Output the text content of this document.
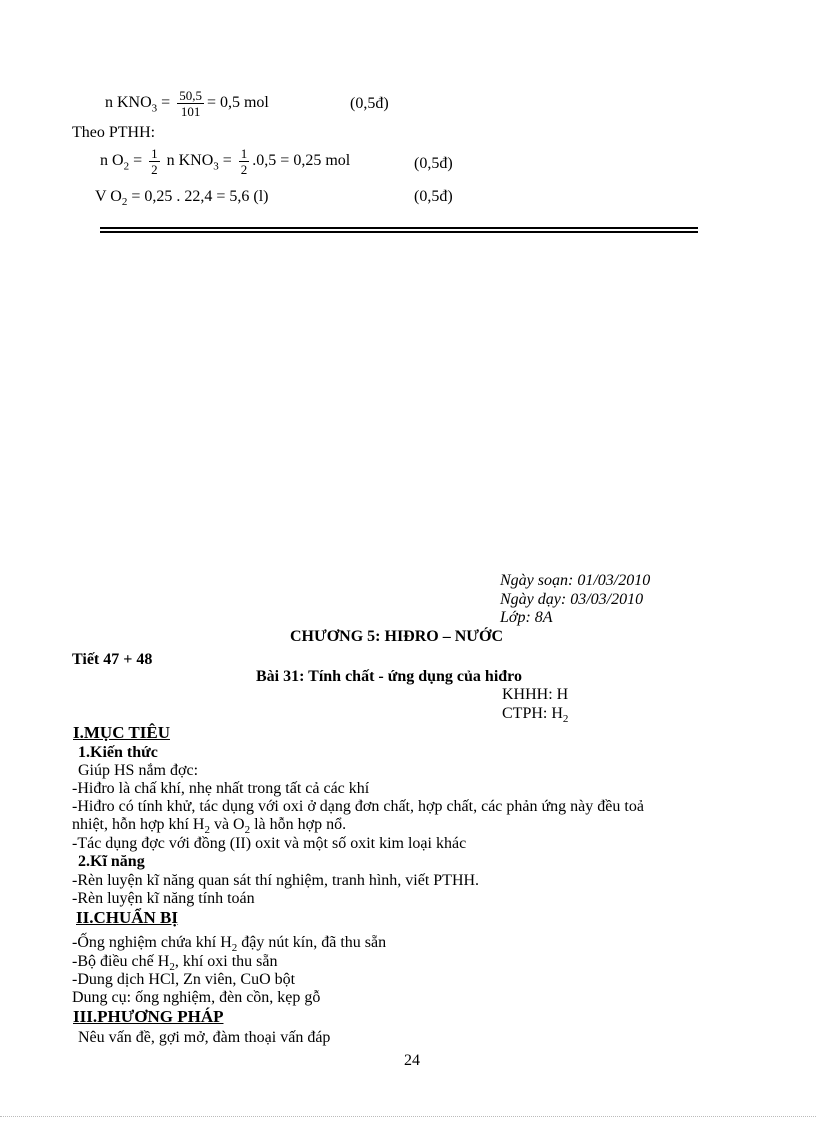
n $KNO_3 = \frac{50,5}{101} = 0,5$ mol	(0,5đ)
Theo PTHH:
n $O_2 = \frac{1}{2}$ n $KNO_3 = \frac{1}{2} .0,5 = 0,25$ mol	(0,5đ)
V $O_2 = 0,25$ . 22,4 = 5,6 (l)	(0,5đ)
Ngày soạn: 01/03/2010
Ngày dạy: 03/03/2010
Lớp: 8A
CHƯƠNG 5: HIĐRO – NƯỚC
Tiết 47 + 48
Bài 31: Tính chất - ứng dụng của hiđro
KHHH: H
CTPH: $H_2$
I.MỤC TIÊU
1.Kiến thức
Giúp HS nắm đợc:
-Hiđro là chấ khí, nhẹ nhất trong tất cả các khí
-Hiđro có tính khử, tác dụng với oxi ở dạng đơn chất, hợp chất, các phản ứng này đều toả
nhiệt, hỗn hợp khí $H_2$ và $O_2$ là hỗn hợp nổ.
-Tác dụng đợc với đồng (II) oxit và một số oxit kim loại khác
2.Kĩ năng
-Rèn luyện kĩ năng quan sát thí nghiệm, tranh hình, viết PTHH.
-Rèn luyện kĩ năng tính toán
II.CHUẨN BỊ
-Ống nghiệm chứa khí $H_2$ đậy nút kín, đã thu sẵn
-Bộ điều chế $H_2$, khí oxi thu sẵn
-Dung dịch HCl, Zn viên, CuO bột
Dung cụ: ống nghiệm, đèn cồn, kẹp gỗ
III.PHƯƠNG PHÁP
Nêu vấn đề, gợi mở, đàm thoại vấn đáp
24
